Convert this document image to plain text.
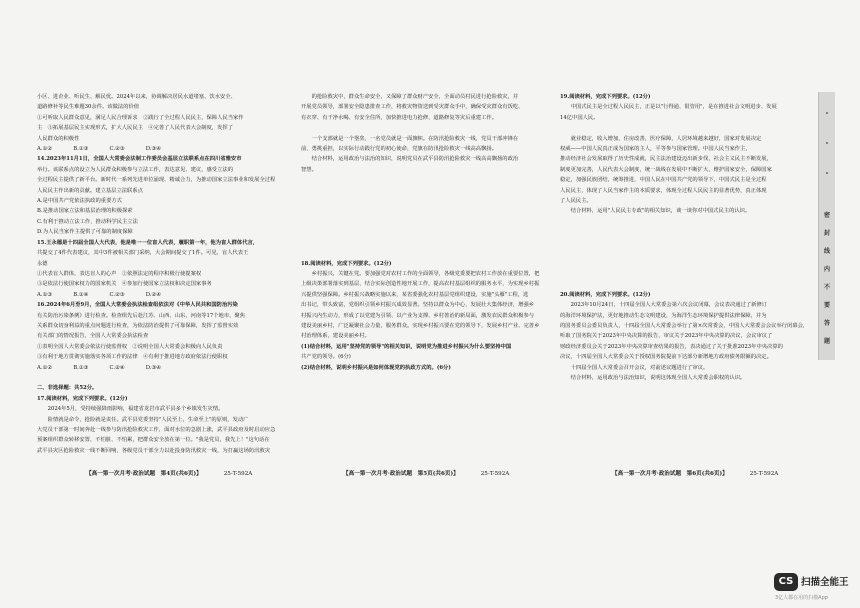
小区、进企业、听民生、解民忧。2024年以来，协调解决居民水道堵塞、饮水安全、

道路修补等民生难题30余件。该做法的价值

①可听取人民群众意见，满足人民合理诉求　②践行了全过程人民民主，保障人民当家作

主　③拓展基层民主实现形式，扩大人民民主　④完善了人民代表大会制度，发挥了

人民群众的积极性

A.①②　　　　B.①③　　　　C.②③　　　　D.③④

14.2023年11月1日，全国人大常委会法制工作委员会基层立法联系点在四川省雅安市

举行。该联系点的设立为人民群众积极参与立法工作，表达意见、建议，感受立法的

全过程民主提供了新平台。新时代一系列先进单位涌现、精诚合力，为推动国家立法事业和发展全过程

人民民主作出新的贡献。建立基层立法联系点

A.是中国共产党依法执政的重要方式

B.是推动国家立法和基层治理的积极探索

C.有利于推动立法工作，推动科学民主立法

D.为人民当家作主提供了可靠的制度保障

15.王永德是十四届全国人大代表，他是唯一一位盲人代表，履职第一年，他为盲人群体代言，

共提交了4件代表建议，其中3件被相关部门采纳，大会期间提交了1件。可见，盲人代表王

永德

①代表盲人群体，表达盲人的心声　②依照法定的程序积极行使提案权

③是依法行使国家权力的国家机关　④参加行使国家立法权和决定国家事务

A.①③　　　　B.①④　　　　C.②③　　　　D.②④

16.2024年6月至9月，全国人大常委会执法检查组依法对《中华人民共和国防治污染

有关防治污染条例》进行检查。检查组先后赴江苏、山西、山东、河南等17个地市，聚焦

关系群众切身利益的重点问题进行检查，为依法防治提供了可靠保障，发挥了监督实效

有关部门的情况报告，全国人大常委会执法检查

①表明全国人大常委会依法行使监督权　②说明全国人大常委会积极向人民负责

③有利于地方贯彻实施落实各项工作的法律　④有利于推进地方政府依法行使职权

A.①②　　　　B.①③　　　　C.②④　　　　D.③④

二、非选择题：共52分。

17.阅读材料，完成下列要求。(12分)

　　2024年5月，受持续强降雨影响，福建省龙岩市武平县多个乡镇发生灾情。

　　险情就是命令，抢险就是责任。武平县党委坚持"人民至上，生命至上"的原则，发动广

大党员干部第一时间奔赴一线参与防汛抢险救灾工作，面对水位的急剧上涨，武平县政府及时启动应急

预案组织群众转移安置，不怕脏、不怕累，把群众安全放在第一位。"我是党员，我先上！"这句话在

武平县灾区抢险救灾一线不断回响，各级党员干部全力以赴投身防汛救灾一线，为打赢这场防汛救灾

　　的抢险救灾中，群众生命安全，又保障了群众财产安全，全面动员村民进行抢险救灾，并

开展党员领导，部署安全隐患排查工作，将救灾物资送到受灾群众手中，确保受灾群众有饭吃、

有衣穿、有干净水喝、有安全住所，加快推进电力抢修、道路修复等灾后重建工作。

　　一个支部就是一个堡垒，一名党员就是一面旗帜。在防汛抢险救灾一线，党员干部冲锋在

前、勇挑重担，以实际行动践行党的初心使命，党旗在防汛抢险救灾一线高高飘扬。

　　结合材料，运用政治与法治的知识，说明党员在武平县防汛抢险救灾一线高高飘扬的政治

智慧。

18.阅读材料，完成下列要求。(12分)

　　乡村振兴，关键在党。要加强党对农村工作的全面领导，各级党委要把农村工作放在重要位置，把

上级决策部署落实到基层，结合实际创造性地开展工作，提高农村基层组织的服务水平，为实现乡村振

兴提供坚强保障。乡村振兴战略实施以来，某省委强化农村基层党组织建设，实施"头雁"工程，选

出书记，带头致富，党组织引领乡村振兴成效显著。坚持以群众为中心，发展壮大集体经济，增强乡

村振兴内生动力，形成了以党建为引领、以产业为支撑、乡村善治的新局面，激发农民群众积极参与

建设美丽乡村，广泛凝聚社会力量，服务群众。实现乡村振兴要在党的领导下，发展乡村产业、完善乡

村治理体系，建设美丽乡村。

(1)结合材料，运用"坚持党的领导"的相关知识，说明党为推进乡村振兴为什么要坚持中国

共产党的领导。(6分)

(2)结合材料，说明乡村振兴是如何体现党的执政方式的。(6分)

19.阅读材料，完成下列要求。(12分)

　　中国式民主是全过程人民民主，正是以"行得通、很管用"，是在推进社会文明进步、发展

14亿中国人民。

　　就业稳定，收入增加，住房改善，医疗保障，人居环境越来越好，国家对发展决定

权威——中国人民真正成为国家的主人，平等参与国家管理。中国人民当家作主，

推动经济社会发展取得了历史性成就，民主法治建设迈出新步伐，社会主义民主不断发展，

制度更加完善，人民代表大会制度，统一战线在发展中不断扩大，维护国家安全，保障国家

稳定，加强民族团结，统筹推进，中国人民在中国共产党的领导下，中国式民主是全过程

人民民主，体现了人民当家作主的本质要求，体现全过程人民民主的显著优势，真正体现

了人民民主。

　　结合材料，运用"人民民主专政"的相关知识，谈一谈你对中国式民主的认识。

20.阅读材料，完成下列要求。(12分)

　　2023年10月24日，十四届全国人大常委会第六次会议闭幕，会议表决通过了新修订

的海洋环境保护法，更好地推动生态文明建设，为海洋生态环境保护提供法律保障，并为

的国务委员会委员负责人，十四届全国人大常委会举行了第×次常委会，中国人大常委会会议举行闭幕会，

听取了国务院关于2023年中央决算的报告，审议关于2023年中央决算的决议，会议审议了

财政经济委员会关于2023年中央决算审查结果的报告，表决通过了关于批准2023年中央决算的

决议，十四届全国人大常委会关于授权国务院提前下达部分新增地方政府债务限额的决定。

　　十四届全国人大常委会召开会议，对前述议题进行了审议。

　　结合材料，运用政治与法治知识，说明这体现全国人大常委会职权的认识。

【高一第一次月考·政治试题　第4页(共6页)】	25-T-592A	【高一第一次月考·政治试题　第5页(共6页)】	25-T-592A	【高一第一次月考·政治试题　第6页(共6页)】	25-T-592A
密
封
线
内
不
要
答
题
CS 扫描全能王
3亿人都在用的扫描App
